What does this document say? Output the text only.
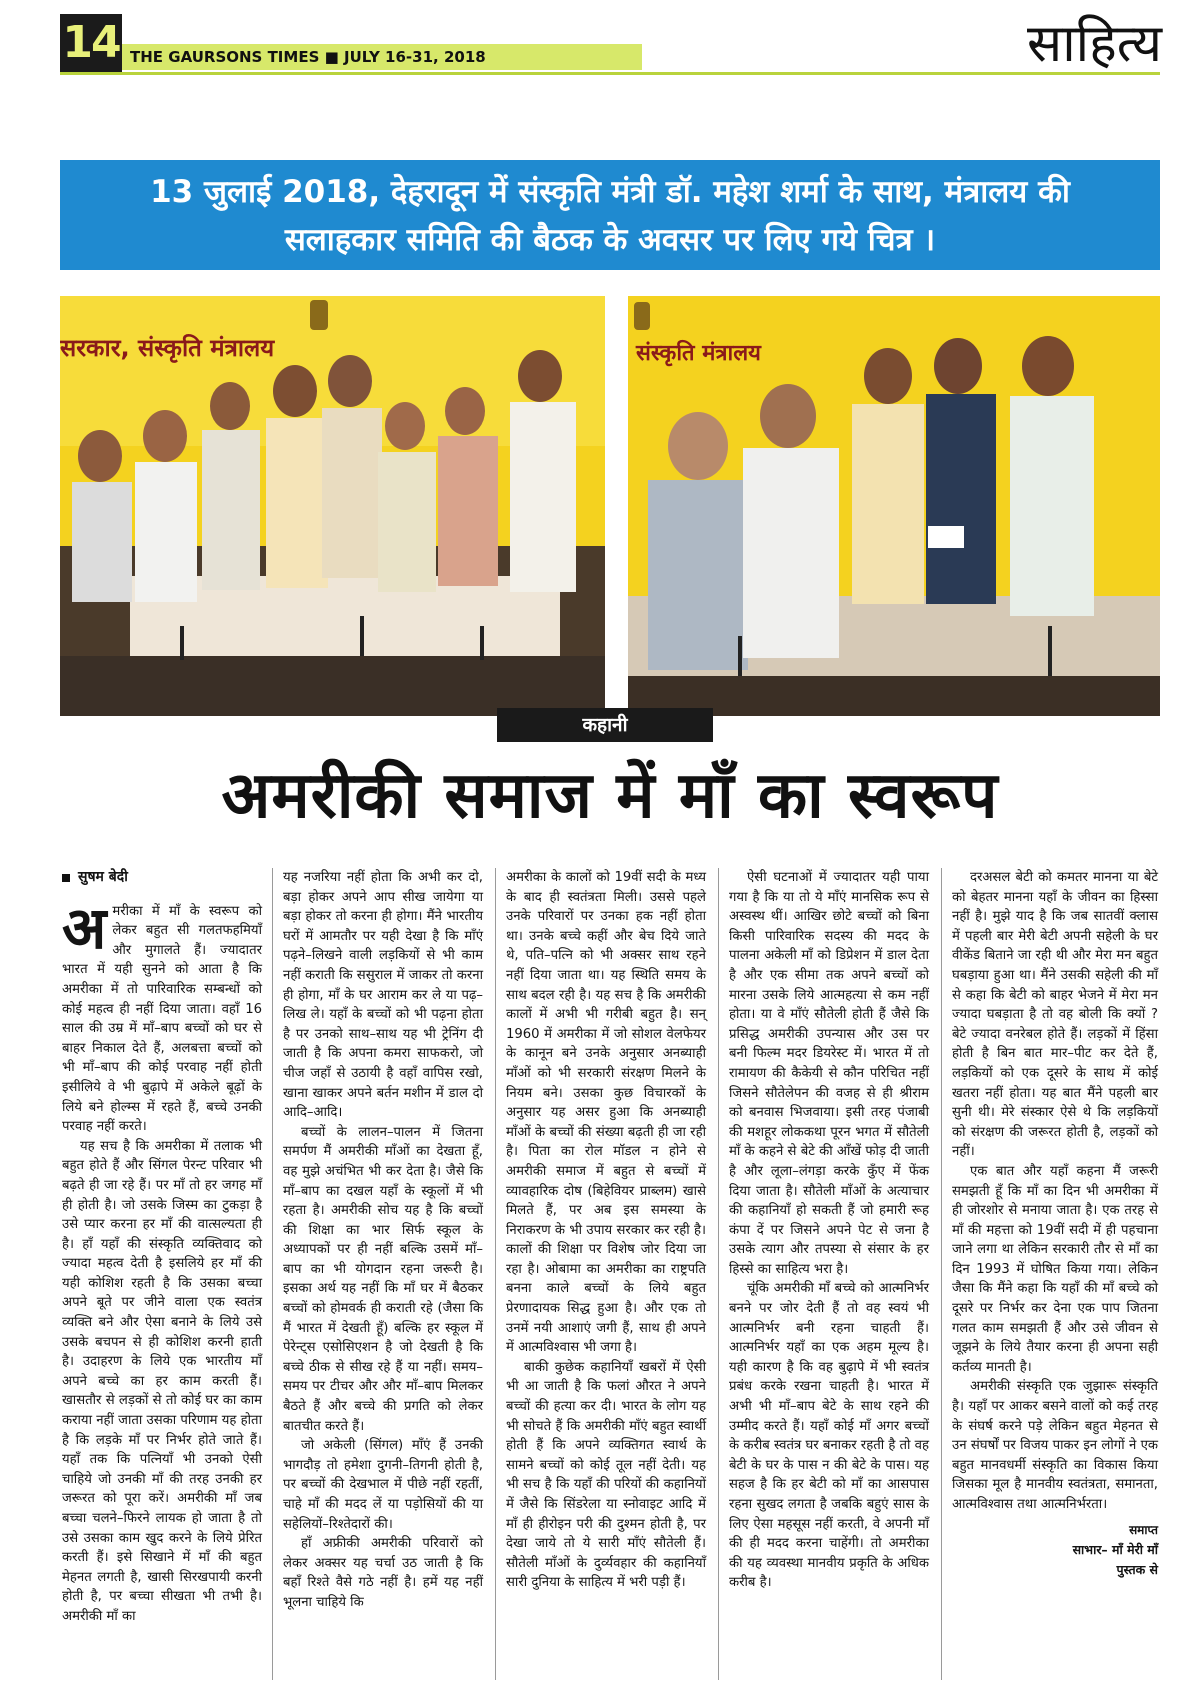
14 THE GAURSONS TIMES ■ JULY 16-31, 2018	साहित्य
13 जुलाई 2018, देहरादून में संस्कृति मंत्री डॉ. महेश शर्मा के साथ, मंत्रालय की सलाहकार समिति की बैठक के अवसर पर लिए गये चित्र ।
सरकार, संस्कृति मंत्रालय	संस्कृति मंत्रालय
कहानी
अमरीकी समाज में माँ का स्वरूप
सुषम बेदी
अ मरीका में माँ के स्वरूप को लेकर बहुत सी गलतफहमियाँ और मुगालते हैं। ज्यादातर भारत में यही सुनने को आता है कि अमरीका में तो पारिवारिक सम्बन्धों को कोई महत्व ही नहीं दिया जाता। वहाँ 16 साल की उम्र में माँ–बाप बच्चों को घर से बाहर निकाल देते हैं, अलबत्ता बच्चों को भी माँ–बाप की कोई परवाह नहीं होती इसीलिये वे भी बुढ़ापे में अकेले बूढ़ों के लिये बने होल्म्स में रहते हैं, बच्चे उनकी परवाह नहीं करते।

यह सच है कि अमरीका में तलाक भी बहुत होते हैं और सिंगल पेरन्ट परिवार भी बढ़ते ही जा रहे हैं। पर माँ तो हर जगह माँ ही होती है। जो उसके जिस्म का टुकड़ा है उसे प्यार करना हर माँ की वात्सल्यता ही है। हाँ यहाँ की संस्कृति व्यक्तिवाद को ज्यादा महत्व देती है इसलिये हर माँ की यही कोशिश रहती है कि उसका बच्चा अपने बूते पर जीने वाला एक स्वतंत्र व्यक्ति बने और ऐसा बनाने के लिये उसे उसके बचपन से ही कोशिश करनी हाती है। उदाहरण के लिये एक भारतीय माँ अपने बच्चे का हर काम करती हैं। खासतौर से लड़कों से तो कोई घर का काम कराया नहीं जाता उसका परिणाम यह होता है कि लड़के माँ पर निर्भर होते जाते हैं। यहाँ तक कि पत्नियाँ भी उनको ऐसी चाहिये जो उनकी माँ की तरह उनकी हर जरूरत को पूरा करें। अमरीकी माँ जब बच्चा चलने–फिरने लायक हो जाता है तो उसे उसका काम खुद करने के लिये प्रेरित करती हैं। इसे सिखाने में माँ की बहुत मेहनत लगती है, खासी सिरखपायी करनी होती है, पर बच्चा सीखता भी तभी है। अमरीकी माँ का

यह नजरिया नहीं होता कि अभी कर दो, बड़ा होकर अपने आप सीख जायेगा या बड़ा होकर तो करना ही होगा। मैंने भारतीय घरों में आमतौर पर यही देखा है कि माँएं पढ़ने–लिखने वाली लड़कियों से भी काम नहीं कराती कि ससुराल में जाकर तो करना ही होगा, माँ के घर आराम कर ले या पढ़–लिख ले। यहाँ के बच्चों को भी पढ़ना होता है पर उनको साथ–साथ यह भी ट्रेनिंग दी जाती है कि अपना कमरा साफकरो, जो चीज जहाँ से उठायी है वहाँ वापिस रखो, खाना खाकर अपने बर्तन मशीन में डाल दो आदि–आदि।

बच्चों के लालन–पालन में जितना समर्पण मैं अमरीकी माँओं का देखता हूँ, वह मुझे अचंभित भी कर देता है। जैसे कि माँ–बाप का दखल यहाँ के स्कूलों में भी रहता है। अमरीकी सोच यह है कि बच्चों की शिक्षा का भार सिर्फ स्कूल के अध्यापकों पर ही नहीं बल्कि उसमें माँ–बाप का भी योगदान रहना जरूरी है। इसका अर्थ यह नहीं कि माँ घर में बैठकर बच्चों को होमवर्क ही कराती रहे (जैसा कि मैं भारत में देखती हूँ) बल्कि हर स्कूल में पेरेन्ट्स एसोसिएशन है जो देखती है कि बच्चे ठीक से सीख रहे हैं या नहीं। समय–समय पर टीचर और और माँ–बाप मिलकर बैठते हैं और बच्चे की प्रगति को लेकर बातचीत करते हैं।

जो अकेली (सिंगल) माँएं हैं उनकी भागदौड़ तो हमेशा दुगनी–तिगनी होती है, पर बच्चों की देखभाल में पीछे नहीं रहतीं, चाहे माँ की मदद लें या पड़ोसियों की या सहेलियों–रिश्तेदारों की।

हाँ अफ्रीकी अमरीकी परिवारों को लेकर अक्सर यह चर्चा उठ जाती है कि बहाँ रिश्ते वैसे गठे नहीं है। हमें यह नहीं भूलना चाहिये कि

अमरीका के कालों को 19वीं सदी के मध्य के बाद ही स्वतंत्रता मिली। उससे पहले उनके परिवारों पर उनका हक नहीं होता था। उनके बच्चे कहीं और बेच दिये जाते थे, पति–पत्नि को भी अक्सर साथ रहने नहीं दिया जाता था। यह स्थिति समय के साथ बदल रही है। यह सच है कि अमरीकी कालों में अभी भी गरीबी बहुत है। सन् 1960 में अमरीका में जो सोशल वेलफेयर के कानून बने उनके अनुसार अनब्याही माँओं को भी सरकारी संरक्षण मिलने के नियम बने। उसका कुछ विचारकों के अनुसार यह असर हुआ कि अनब्याही माँओं के बच्चों की संख्या बढ़ती ही जा रही है। पिता का रोल मॉडल न होने से अमरीकी समाज में बहुत से बच्चों में व्यावहारिक दोष (बिहेवियर प्राब्लम) खासे मिलते हैं, पर अब इस समस्या के निराकरण के भी उपाय सरकार कर रही है। कालों की शिक्षा पर विशेष जोर दिया जा रहा है। ओबामा का अमरीका का राष्ट्रपति बनना काले बच्चों के लिये बहुत प्रेरणादायक सिद्ध हुआ है। और एक तो उनमें नयी आशाएं जगी हैं, साथ ही अपने में आत्मविश्वास भी जगा है।

बाकी कुछेक कहानियाँ खबरों में ऐसी भी आ जाती है कि फलां औरत ने अपने बच्चों की हत्या कर दी। भारत के लोग यह भी सोचते हैं कि अमरीकी माँएं बहुत स्वार्थी होती हैं कि अपने व्यक्तिगत स्वार्थ के सामने बच्चों को कोई तूल नहीं देती। यह भी सच है कि यहाँ की परियों की कहानियों में जैसे कि सिंडरेला या स्नोवाइट आदि में माँ ही हीरोइन परी की दुश्मन होती है, पर देखा जाये तो ये सारी माँएं सौतेली हैं। सौतेली माँओं के दुर्व्यवहार की कहानियाँ सारी दुनिया के साहित्य में भरी पड़ी हैं।

ऐसी घटनाओं में ज्यादातर यही पाया गया है कि या तो ये माँएं मानसिक रूप से अस्वस्थ थीं। आखिर छोटे बच्चों को बिना किसी पारिवारिक सदस्य की मदद के पालना अकेली माँ को डिप्रेशन में डाल देता है और एक सीमा तक अपने बच्चों को मारना उसके लिये आत्महत्या से कम नहीं होता। या वे माँएं सौतेली होती हैं जैसे कि प्रसिद्ध अमरीकी उपन्यास और उस पर बनी फिल्म मदर डियरेस्ट में। भारत में तो रामायण की कैकेयी से कौन परिचित नहीं जिसने सौतेलेपन की वजह से ही श्रीराम को बनवास भिजवाया। इसी तरह पंजाबी की मशहूर लोककथा पूरन भगत में सौतेली माँ के कहने से बेटे की आँखें फोड़ दी जाती है और लूला–लंगड़ा करके कुँए में फेंक दिया जाता है। सौतेली माँओं के अत्याचार की कहानियाँ हो सकती हैं जो हमारी रूह कंपा दें पर जिसने अपने पेट से जना है उसके त्याग और तपस्या से संसार के हर हिस्से का साहित्य भरा है।

चूंकि अमरीकी माँ बच्चे को आत्मनिर्भर बनने पर जोर देती हैं तो वह स्वयं भी आत्मनिर्भर बनी रहना चाहती हैं। आत्मनिर्भर यहाँ का एक अहम मूल्य है। यही कारण है कि वह बुढ़ापे में भी स्वतंत्र प्रबंध करके रखना चाहती है। भारत में अभी भी माँ–बाप बेटे के साथ रहने की उम्मीद करते हैं। यहाँ कोई माँ अगर बच्चों के करीब स्वतंत्र घर बनाकर रहती है तो वह बेटी के घर के पास न की बेटे के पास। यह सहज है कि हर बेटी को माँ का आसपास रहना सुखद लगता है जबकि बहुएं सास के लिए ऐसा महसूस नहीं करती, वे अपनी माँ की ही मदद करना चाहेंगी। तो अमरीका की यह व्यवस्था मानवीय प्रकृति के अधिक करीब है।

दरअसल बेटी को कमतर मानना या बेटे को बेहतर मानना यहाँ के जीवन का हिस्सा नहीं है। मुझे याद है कि जब सातवीं क्लास में पहली बार मेरी बेटी अपनी सहेली के घर वीकेंड बिताने जा रही थी और मेरा मन बहुत घबड़ाया हुआ था। मैंने उसकी सहेली की माँ से कहा कि बेटी को बाहर भेजने में मेरा मन ज्यादा घबड़ाता है तो वह बोली कि क्यों ? बेटे ज्यादा वनरेबल होते हैं। लड़कों में हिंसा होती है बिन बात मार–पीट कर देते हैं, लड़कियों को एक दूसरे के साथ में कोई खतरा नहीं होता। यह बात मैंने पहली बार सुनी थी। मेरे संस्कार ऐसे थे कि लड़कियों को संरक्षण की जरूरत होती है, लड़कों को नहीं।

एक बात और यहाँ कहना मैं जरूरी समझती हूँ कि माँ का दिन भी अमरीका में ही जोरशोर से मनाया जाता है। एक तरह से माँ की महत्ता को 19वीं सदी में ही पहचाना जाने लगा था लेकिन सरकारी तौर से माँ का दिन 1993 में घोषित किया गया। लेकिन जैसा कि मैंने कहा कि यहाँ की माँ बच्चे को दूसरे पर निर्भर कर देना एक पाप जितना गलत काम समझती हैं और उसे जीवन से जूझने के लिये तैयार करना ही अपना सही कर्तव्य मानती है।

अमरीकी संस्कृति एक जुझारू संस्कृति है। यहाँ पर आकर बसने वालों को कई तरह के संघर्ष करने पड़े लेकिन बहुत मेहनत से उन संघर्षों पर विजय पाकर इन लोगों ने एक बहुत मानवधर्मी संस्कृति का विकास किया जिसका मूल है मानवीय स्वतंत्रता, समानता, आत्मविश्वास तथा आत्मनिर्भरता।

समाप्त
साभार– माँ मेरी माँ
पुस्तक से
